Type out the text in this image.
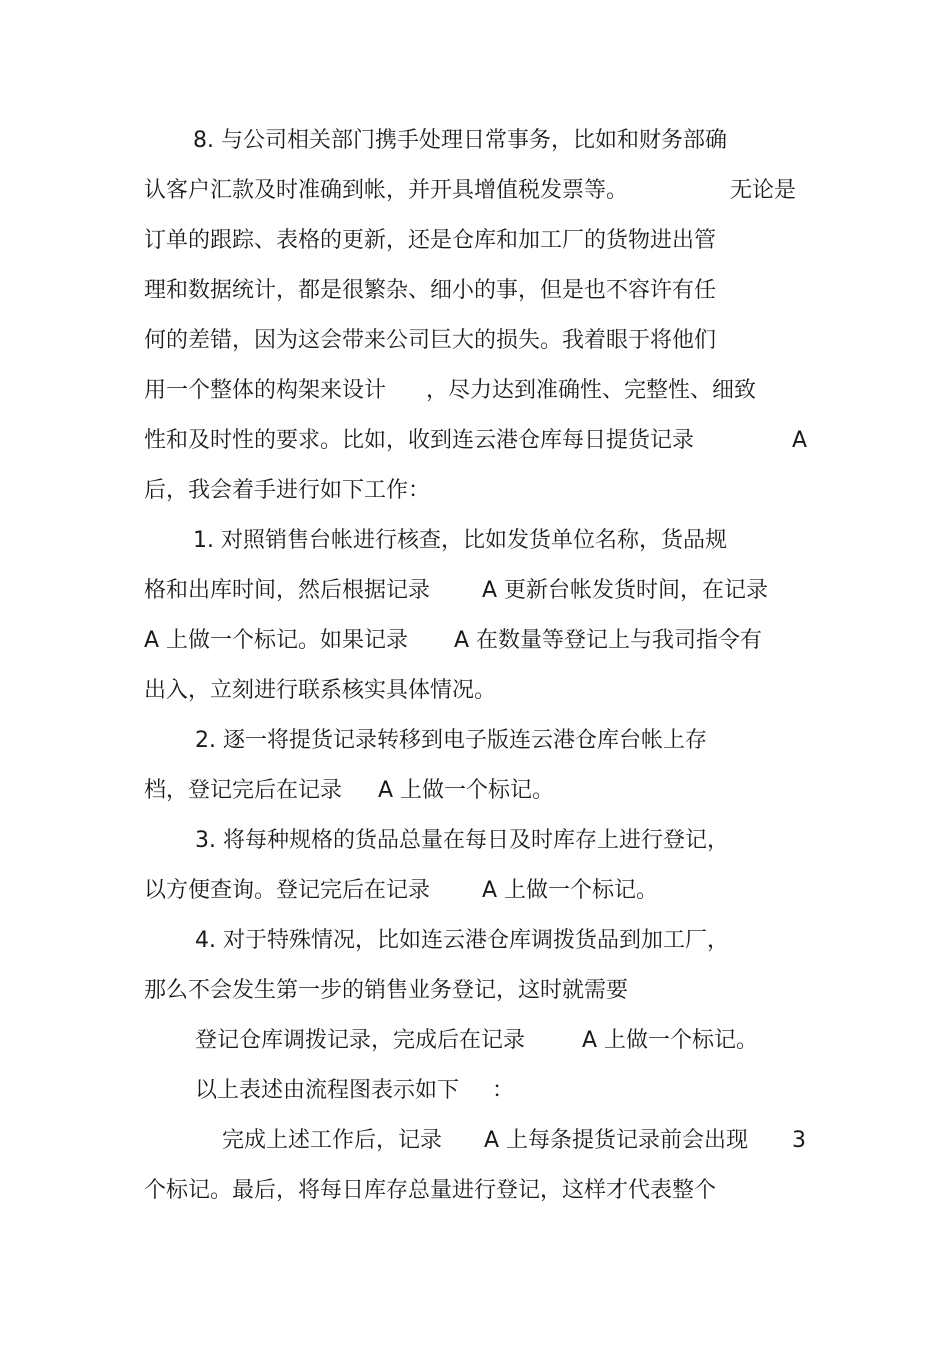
8. 与公司相关部门携手处理日常事务，比如和财务部确
认客户汇款及时准确到帐，并开具增值税发票等。	无论是
订单的跟踪、表格的更新，还是仓库和加工厂的货物进出管
理和数据统计，都是很繁杂、细小的事，但是也不容许有任
何的差错，因为这会带来公司巨大的损失。我着眼于将他们
用一个整体的构架来设计 ，尽力达到准确性、完整性、细致
性和及时性的要求。比如，收到连云港仓库每日提货记录	A
后，我会着手进行如下工作：
1. 对照销售台帐进行核查，比如发货单位名称，货品规
格和出库时间，然后根据记录 A 更新台帐发货时间，在记录
A 上做一个标记。如果记录 A 在数量等登记上与我司指令有
出入，立刻进行联系核实具体情况。
2. 逐一将提货记录转移到电子版连云港仓库台帐上存
档，登记完后在记录 A 上做一个标记。
3. 将每种规格的货品总量在每日及时库存上进行登记，
以方便查询。登记完后在记录 A 上做一个标记。
4. 对于特殊情况，比如连云港仓库调拨货品到加工厂，
那么不会发生第一步的销售业务登记，这时就需要
登记仓库调拨记录，完成后在记录	A 上做一个标记。
以上表述由流程图表示如下 ：
完成上述工作后，记录 A 上每条提货记录前会出现 3
个标记。最后，将每日库存总量进行登记，这样才代表整个
